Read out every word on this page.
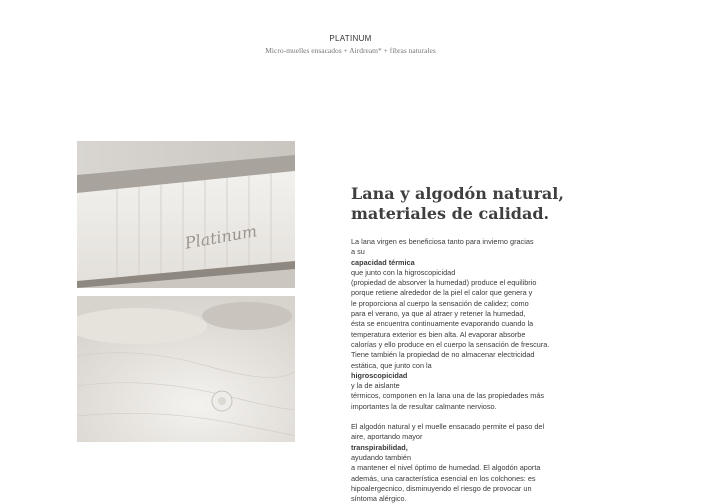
PLATINUM
Micro-muelles ensacados + Airdream* + fibras naturales
Platinum
Lana y algodón natural,
materiales de calidad.

La lana virgen es beneficiosa tanto para invierno gracias
a su
capacidad térmica
que junto con la higroscopicidad
(propiedad de absorver la humedad) produce el equilibrio
porque retiene alrededor de la piel el calor que genera y
le proporciona al cuerpo la sensación de calidez; como
para el verano, ya que al atraer y retener la humedad,
ésta se encuentra continuamente evaporando cuando la
temperatura exterior es bien alta. Al evaporar absorbe
calorías y ello produce en el cuerpo la sensación de frescura.
Tiene también la propiedad de no almacenar electricidad
estática, que junto con la
higroscopicidad
y la de aislante
térmicos, componen en la lana una de las propiedades más
importantes la de resultar calmante nervioso.

El algodón natural y el muelle ensacado permite el paso del
aire, aportando mayor
transpirabilidad,
ayudando también
a mantener el nivel óptimo de humedad. El algodón aporta
además, una característica esencial en los colchones: es
hipoalergecnico, disminuyendo el riesgo de provocar un
síntoma alérgico.
